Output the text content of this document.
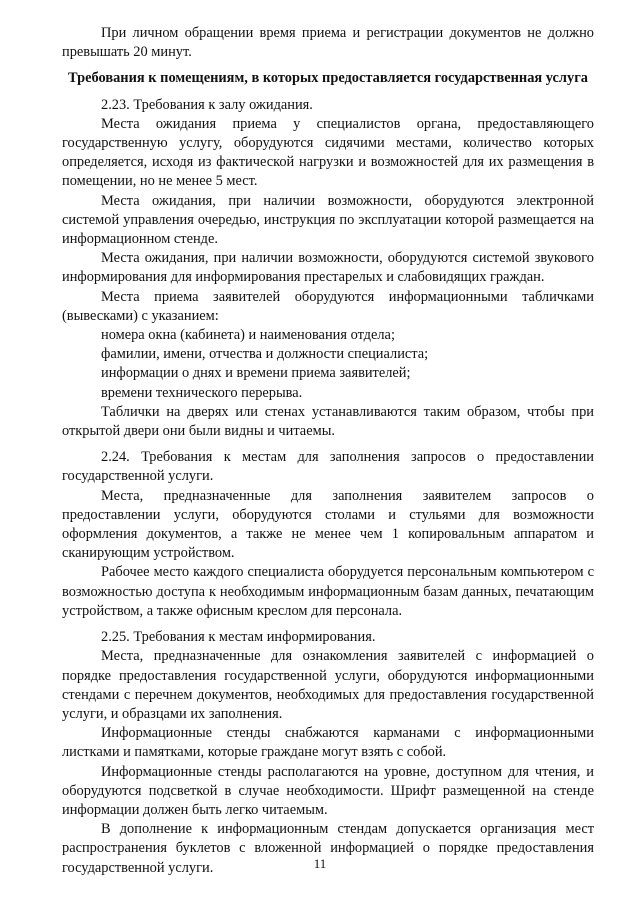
При личном обращении время приема и регистрации документов не должно превышать 20 минут.

Требования к помещениям, в которых предоставляется государственная услуга

2.23. Требования к залу ожидания.

Места ожидания приема у специалистов органа, предоставляющего государственную услугу, оборудуются сидячими местами, количество которых определяется, исходя из фактической нагрузки и возможностей для их размещения в помещении, но не менее 5 мест.

Места ожидания, при наличии возможности, оборудуются электронной системой управления очередью, инструкция по эксплуатации которой размещается на информационном стенде.

Места ожидания, при наличии возможности, оборудуются системой звукового информирования для информирования престарелых и слабовидящих граждан.

Места приема заявителей оборудуются информационными табличками (вывесками) с указанием:

номера окна (кабинета) и наименования отдела;

фамилии, имени, отчества и должности специалиста;

информации о днях и времени приема заявителей;

времени технического перерыва.

Таблички на дверях или стенах устанавливаются таким образом, чтобы при открытой двери они были видны и читаемы.

2.24. Требования к местам для заполнения запросов о предоставлении государственной услуги.

Места, предназначенные для заполнения заявителем запросов о предоставлении услуги, оборудуются столами и стульями для возможности оформления документов, а также не менее чем 1 копировальным аппаратом и сканирующим устройством.

Рабочее место каждого специалиста оборудуется персональным компьютером с возможностью доступа к необходимым информационным базам данных, печатающим устройством, а также офисным креслом для персонала.

2.25. Требования к местам информирования.

Места, предназначенные для ознакомления заявителей с информацией о порядке предоставления государственной услуги, оборудуются информационными стендами с перечнем документов, необходимых для предоставления государственной услуги, и образцами их заполнения.

Информационные стенды снабжаются карманами с информационными листками и памятками, которые граждане могут взять с собой.

Информационные стенды располагаются на уровне, доступном для чтения, и оборудуются подсветкой в случае необходимости. Шрифт размещенной на стенде информации должен быть легко читаемым.

В дополнение к информационным стендам допускается организация мест распространения буклетов с вложенной информацией о порядке предоставления государственной услуги.	11
